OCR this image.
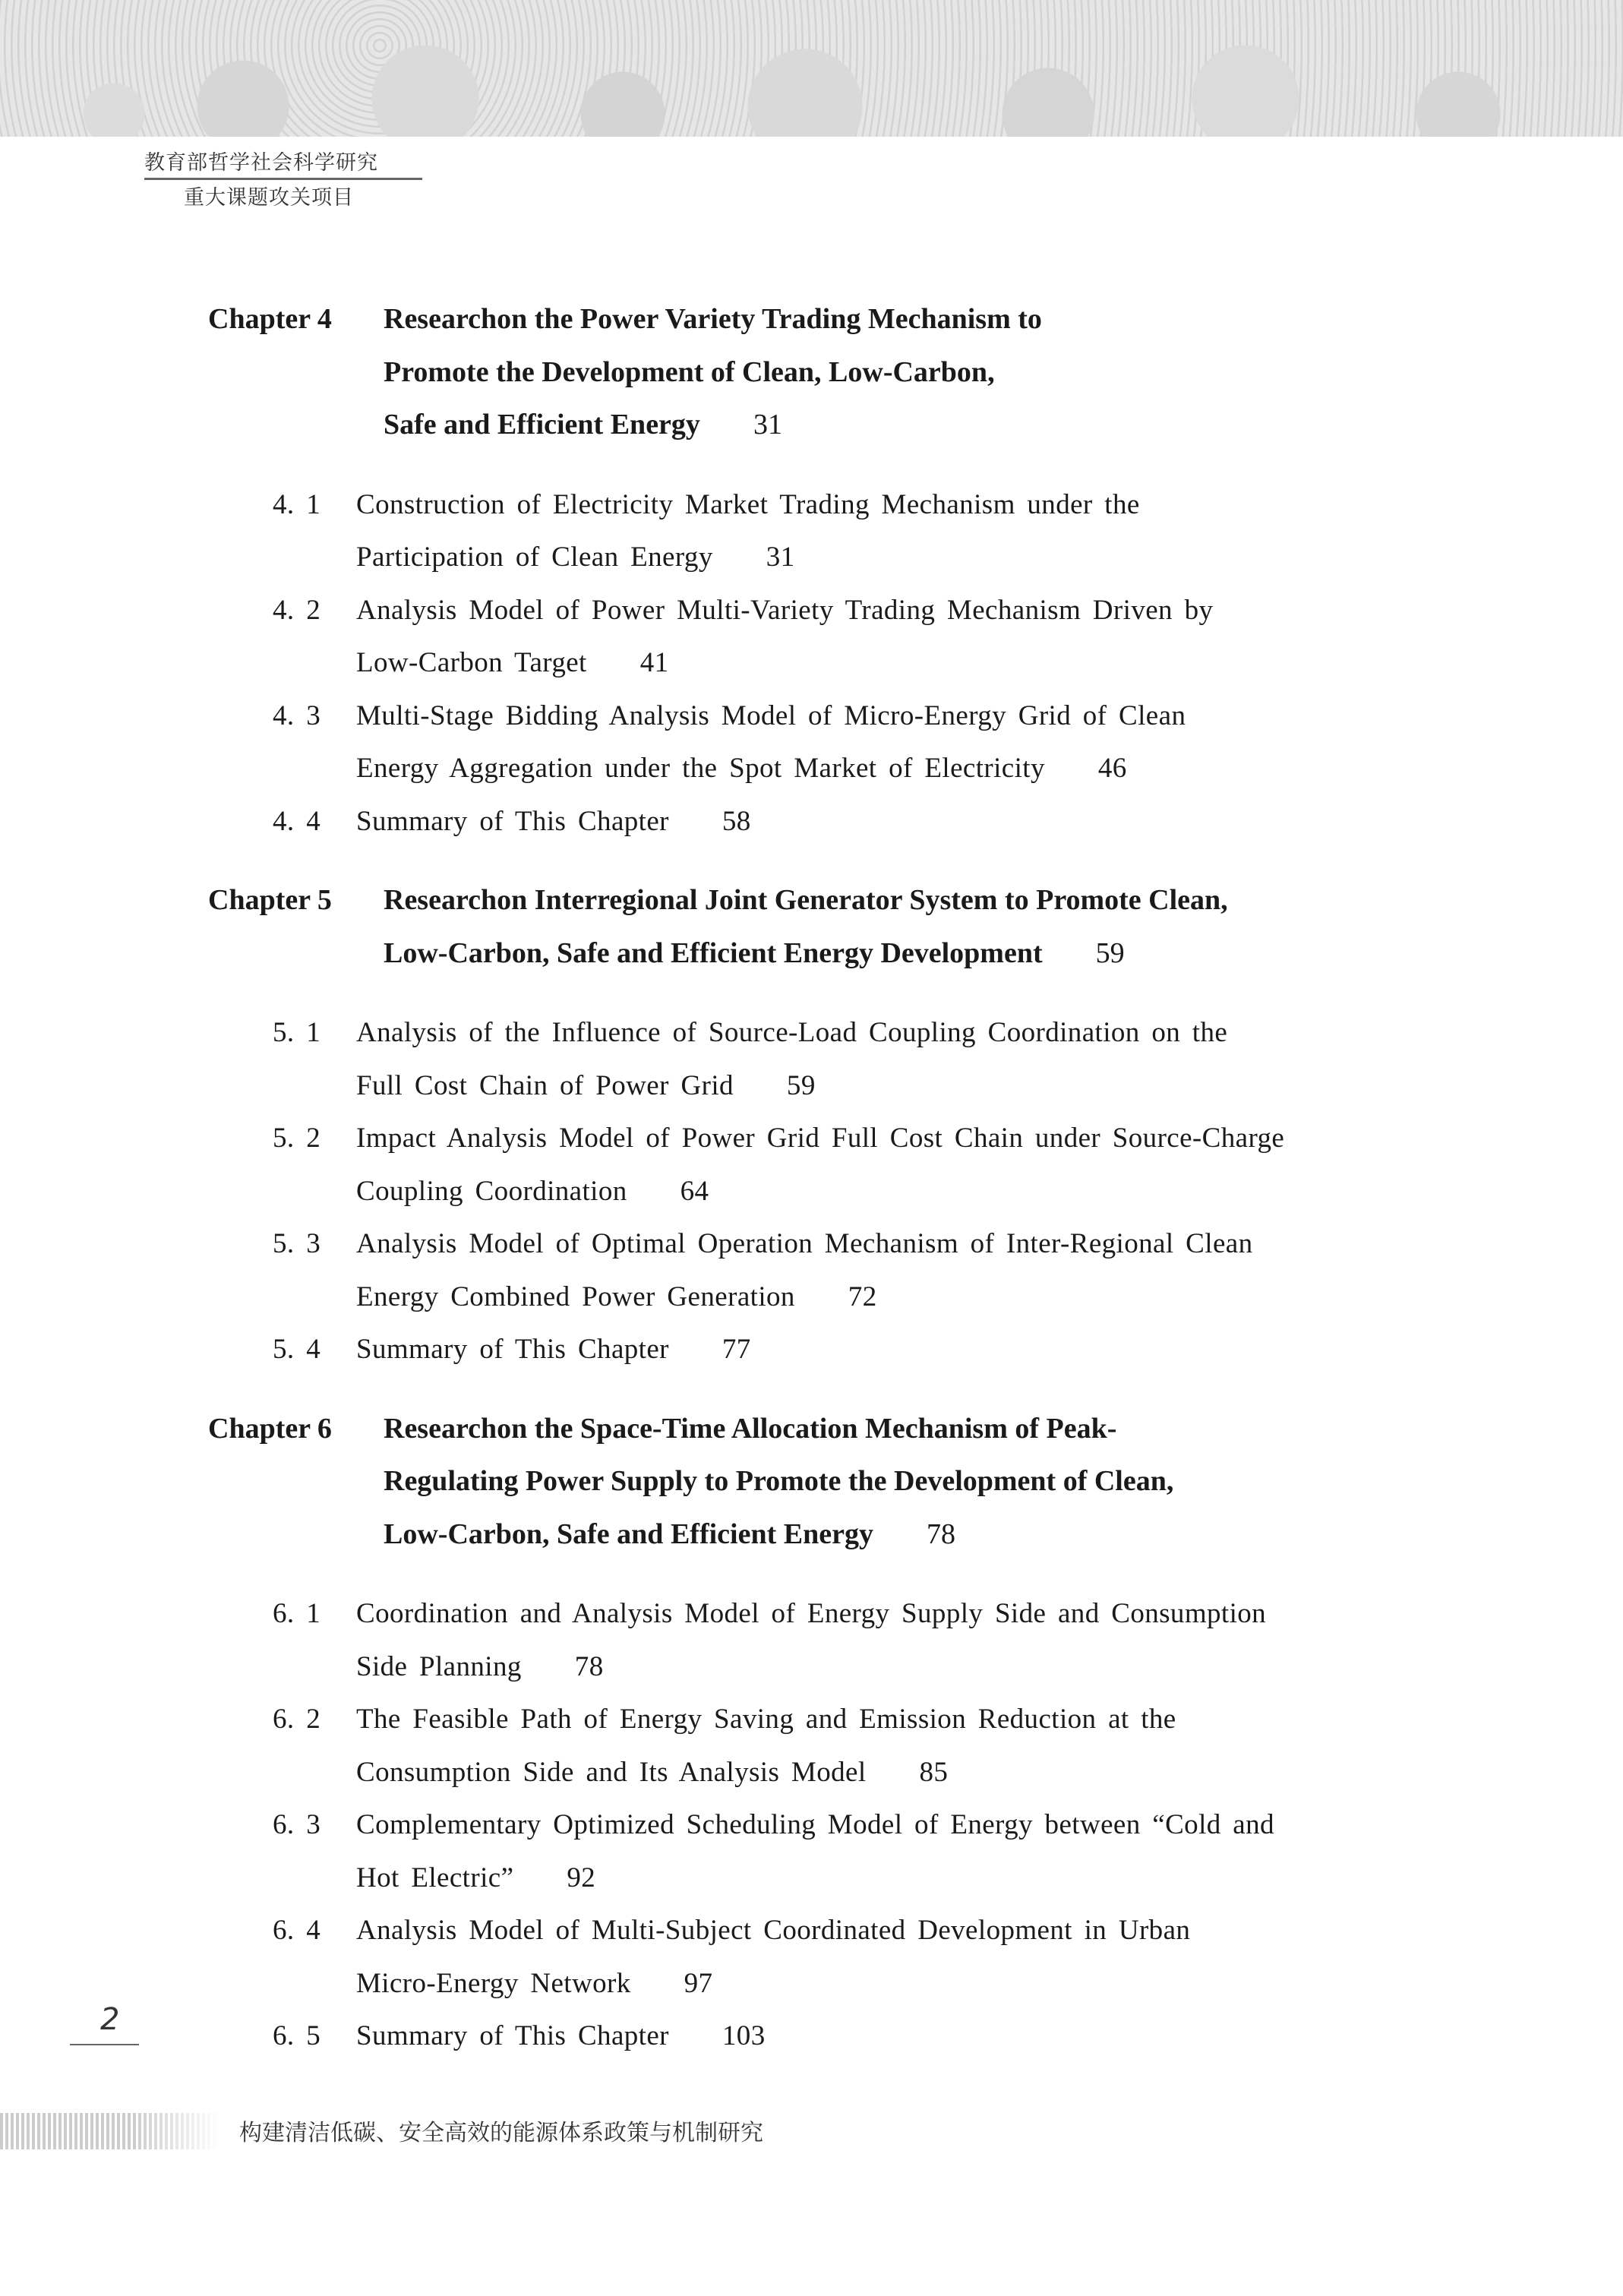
教育部哲学社会科学研究
重大课题攻关项目
Chapter 4 Researchon the Power Variety Trading Mechanism to
Promote the Development of Clean, Low-Carbon,
Safe and Efficient Energy 31
4. 1 Construction of Electricity Market Trading Mechanism under the
Participation of Clean Energy 31
4. 2 Analysis Model of Power Multi-Variety Trading Mechanism Driven by
Low-Carbon Target 41
4. 3 Multi-Stage Bidding Analysis Model of Micro-Energy Grid of Clean
Energy Aggregation under the Spot Market of Electricity 46
4. 4 Summary of This Chapter 58
Chapter 5 Researchon Interregional Joint Generator System to Promote Clean,
Low-Carbon, Safe and Efficient Energy Development 59
5. 1 Analysis of the Influence of Source-Load Coupling Coordination on the
Full Cost Chain of Power Grid 59
5. 2 Impact Analysis Model of Power Grid Full Cost Chain under Source-Charge
Coupling Coordination 64
5. 3 Analysis Model of Optimal Operation Mechanism of Inter-Regional Clean
Energy Combined Power Generation 72
5. 4 Summary of This Chapter 77
Chapter 6 Researchon the Space-Time Allocation Mechanism of Peak-
Regulating Power Supply to Promote the Development of Clean,
Low-Carbon, Safe and Efficient Energy 78
6. 1 Coordination and Analysis Model of Energy Supply Side and Consumption
Side Planning 78
6. 2 The Feasible Path of Energy Saving and Emission Reduction at the
Consumption Side and Its Analysis Model 85
6. 3 Complementary Optimized Scheduling Model of Energy between “Cold and
Hot Electric” 92
6. 4 Analysis Model of Multi-Subject Coordinated Development in Urban
Micro-Energy Network 97
6. 5 Summary of This Chapter 103
2
构建清洁低碳、安全高效的能源体系政策与机制研究
